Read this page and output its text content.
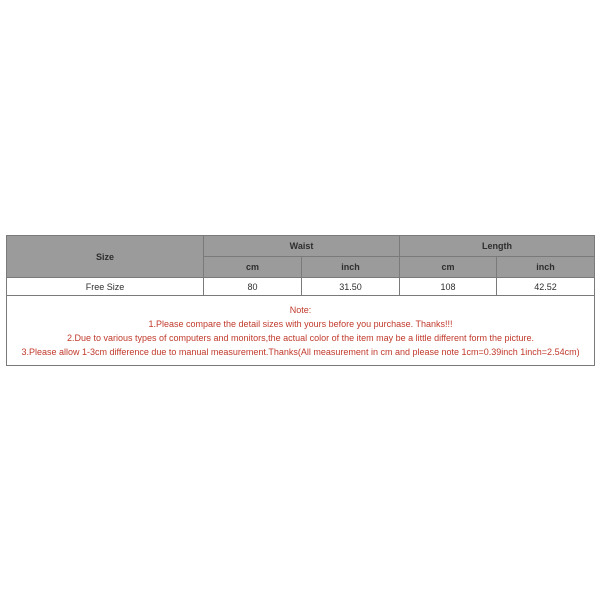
Size	Waist		Length	
	cm	inch	cm	inch
Free Size	80	31.50	108	42.52

Note:
1.Please compare the detail sizes with yours before you purchase. Thanks!!!
2.Due to various types of computers and monitors,the actual color of the item may be a little different form the picture.
3.Please allow 1-3cm difference due to manual measurement.Thanks(All measurement in cm and please note 1cm=0.39inch 1inch=2.54cm)				
